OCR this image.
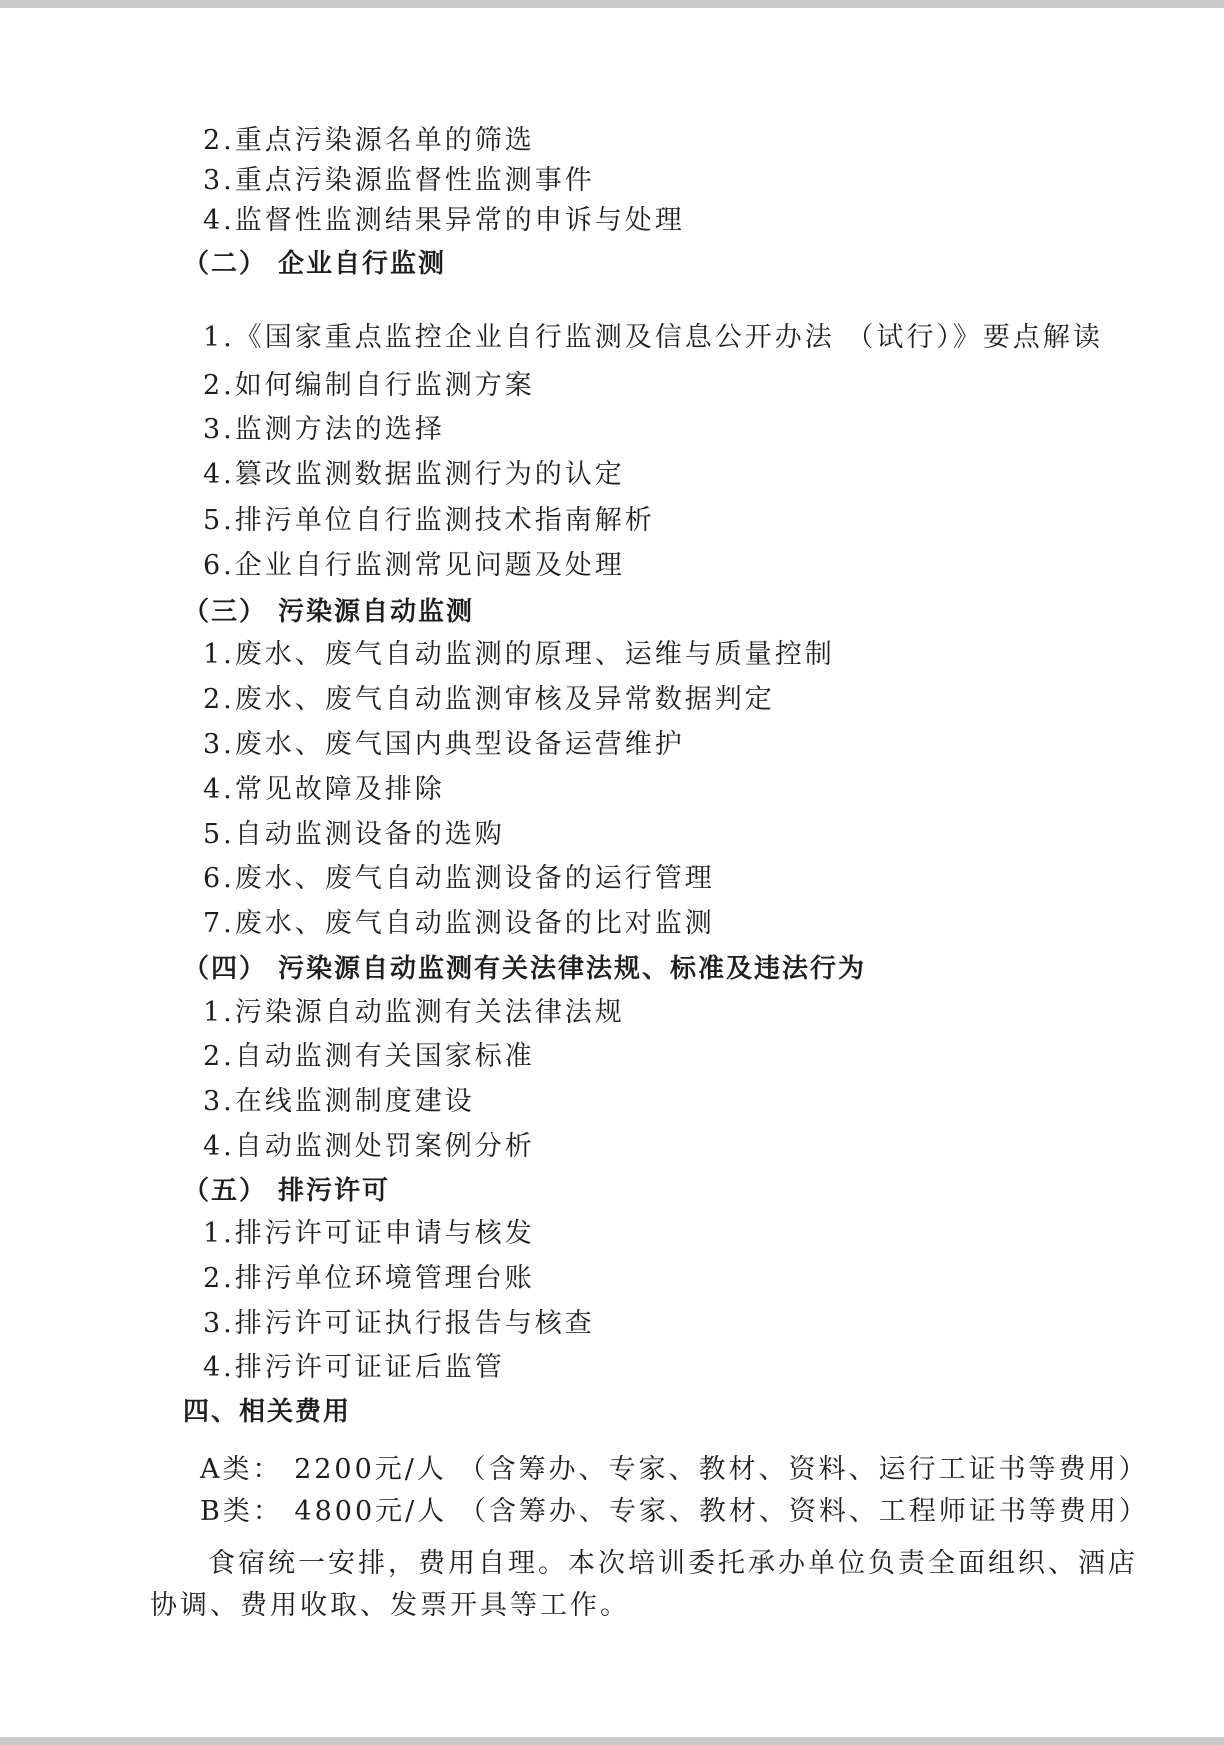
2.重点污染源名单的筛选
3.重点污染源监督性监测事件
4.监督性监测结果异常的申诉与处理
（二） 企业自行监测
1.《国家重点监控企业自行监测及信息公开办法 （试行）》要点解读
2.如何编制自行监测方案
3.监测方法的选择
4.篡改监测数据监测行为的认定
5.排污单位自行监测技术指南解析
6.企业自行监测常见问题及处理
（三） 污染源自动监测
1.废水、废气自动监测的原理、运维与质量控制
2.废水、废气自动监测审核及异常数据判定
3.废水、废气国内典型设备运营维护
4.常见故障及排除
5.自动监测设备的选购
6.废水、废气自动监测设备的运行管理
7.废水、废气自动监测设备的比对监测
（四） 污染源自动监测有关法律法规、标准及违法行为
1.污染源自动监测有关法律法规
2.自动监测有关国家标准
3.在线监测制度建设
4.自动监测处罚案例分析
（五） 排污许可
1.排污许可证申请与核发
2.排污单位环境管理台账
3.排污许可证执行报告与核查
4.排污许可证证后监管
四、相关费用
A类： 2200元/人 （含筹办、专家、教材、资料、运行工证书等费用）
B类： 4800元/人 （含筹办、专家、教材、资料、工程师证书等费用）
食宿统一安排，费用自理。本次培训委托承办单位负责全面组织、酒店
协调、费用收取、发票开具等工作。
